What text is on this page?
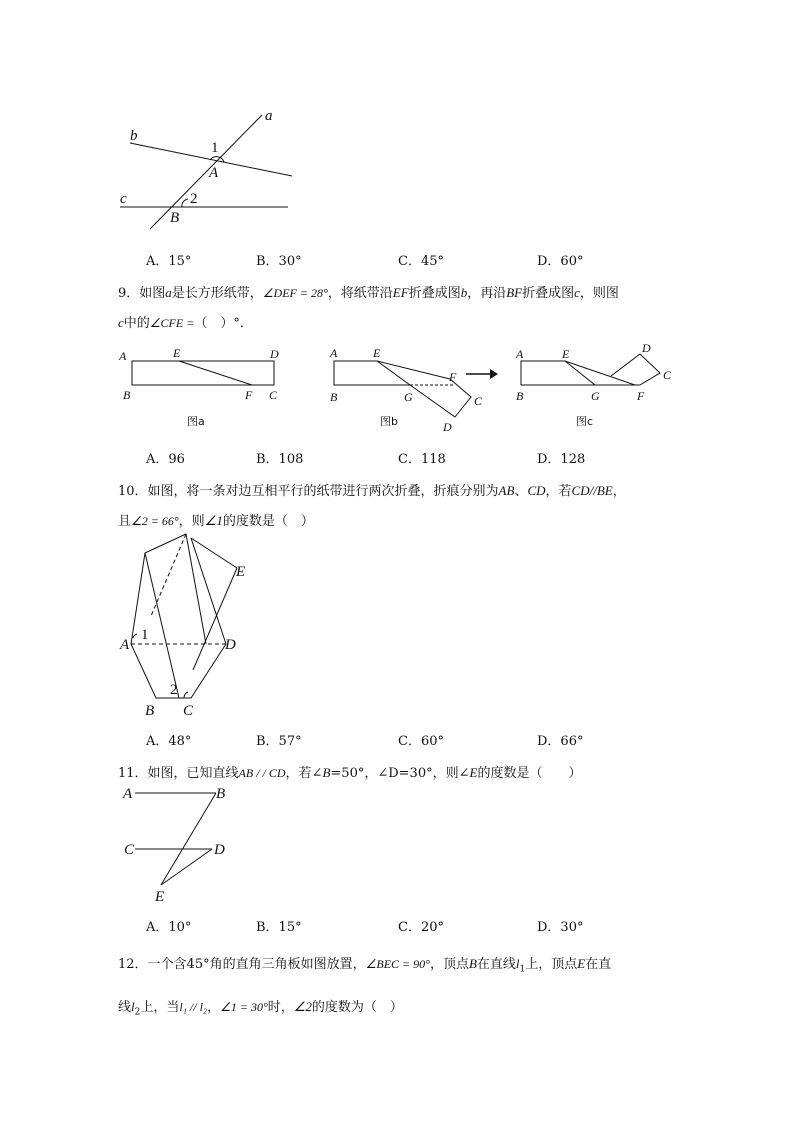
a
b
c
1
2
A
B
A．15°	B．30°	C．45°	D．60°
9．如图a是长方形纸带，∠DEF = 28°，将纸带沿EF折叠成图b，再沿BF折叠成图c，则图
c中的∠CFE =（　）°．
A	E	D
B	F C
图a
A	E
F
B	G	C
D
图b
A	E	D
C
B	G	F
图c
A．96	B．108	C．118	D．128
10．如图，将一条对边互相平行的纸带进行两次折叠，折痕分别为AB、CD，若CD//BE，
且∠2 = 66°，则∠1的度数是（　）
A
1
D
E
2
B C
A．48°	B．57°	C．60°	D．66°
11．如图，已知直线AB / / CD，若∠B=50°，∠D=30°，则∠E的度数是（　　）
A	B
C	D
E
A．10°	B．15°	C．20°	D．30°
12．一个含45°角的直角三角板如图放置，∠BEC = 90°，顶点B在直线$l_1$上，顶点E在直
线$l_2$上，当l₁ // l₂，∠1 = 30°时，∠2的度数为（　）
